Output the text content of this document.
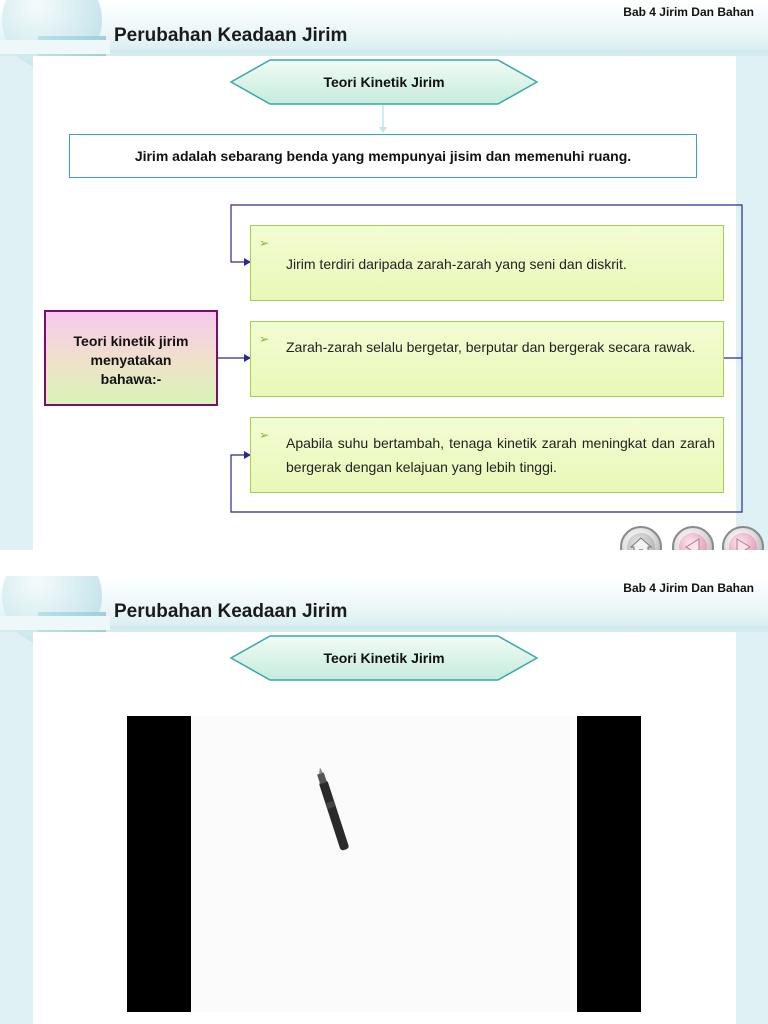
Bab 4 Jirim Dan Bahan
Perubahan Keadaan Jirim
Teori Kinetik Jirim
Jirim adalah sebarang benda yang mempunyai jisim dan memenuhi ruang.
Teori kinetik jirim
menyatakan
bahawa:-
➢
Jirim terdiri daripada zarah-zarah yang seni dan diskrit.
➢ Zarah-zarah selalu bergetar, berputar dan bergerak secara rawak.
➢ Apabila suhu bertambah, tenaga kinetik zarah meningkat dan zarah bergerak dengan kelajuan yang lebih tinggi.
Bab 4 Jirim Dan Bahan
Perubahan Keadaan Jirim
Teori Kinetik Jirim
